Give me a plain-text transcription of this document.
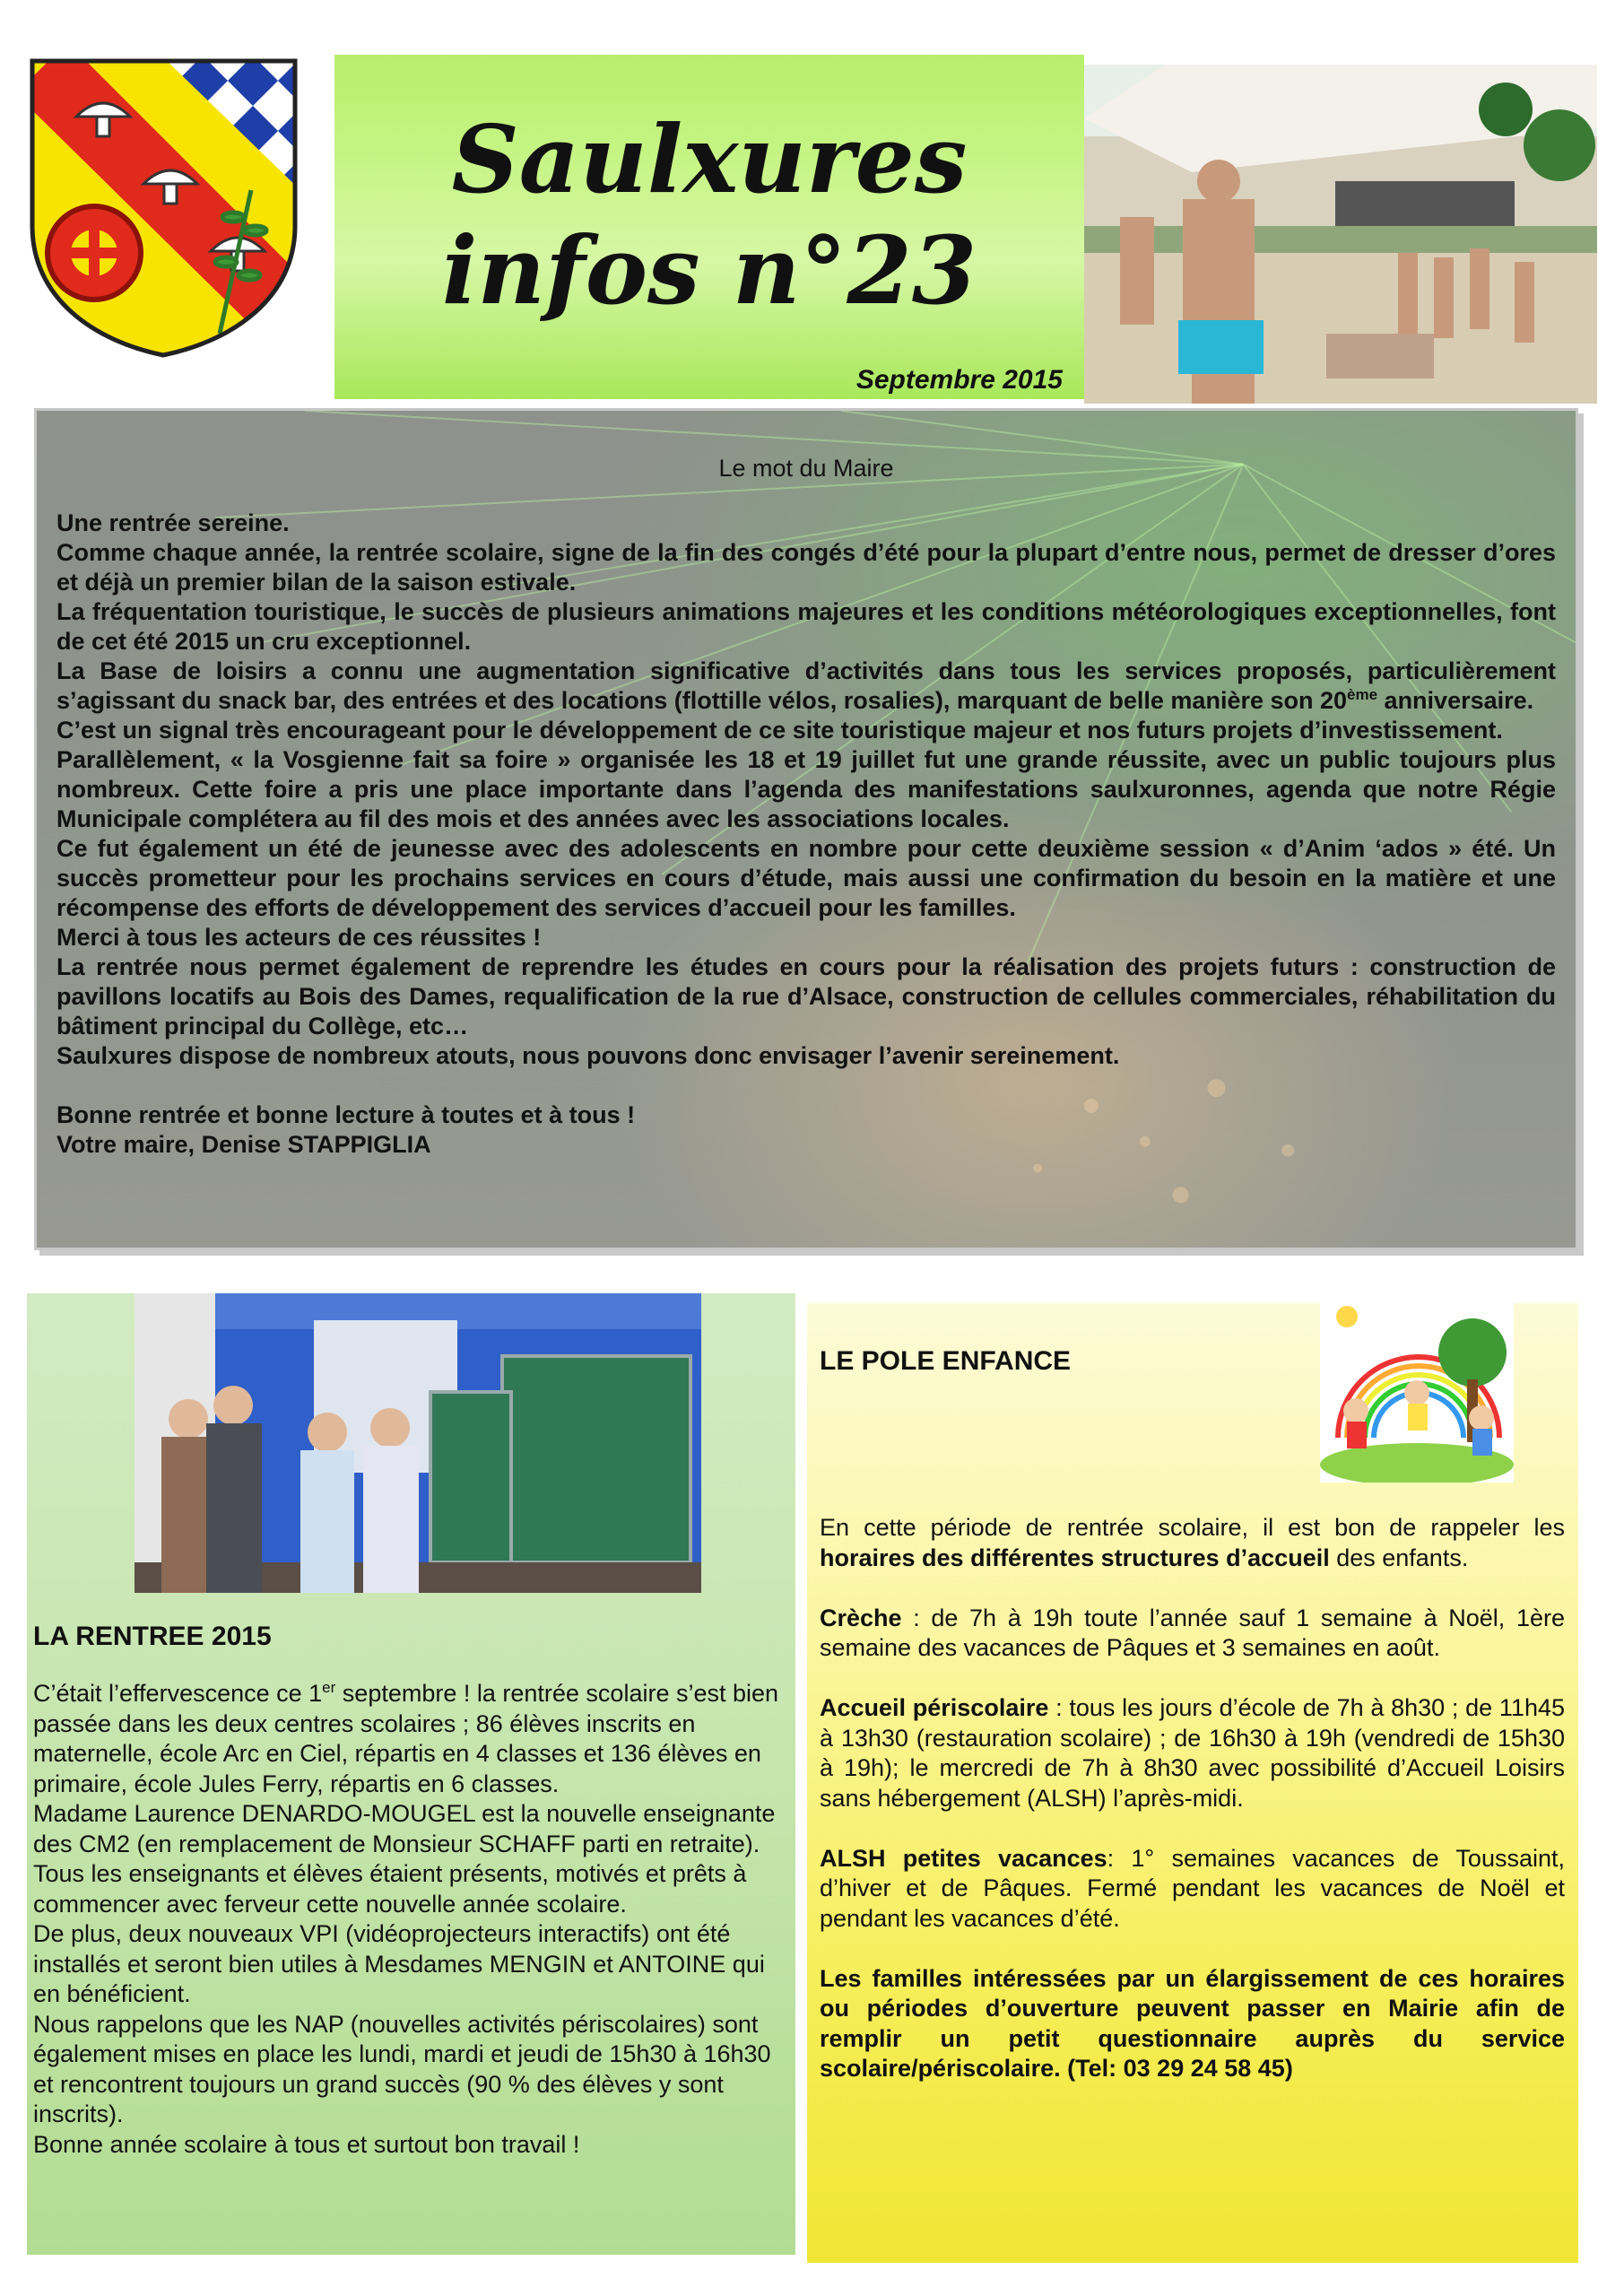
Saulxures
infos n°23
Septembre 2015
Le mot du Maire
Une rentrée sereine.
Comme chaque année, la rentrée scolaire, signe de la fin des congés d’été pour la plupart d’entre nous, permet de dresser d’ores et déjà un premier bilan de la saison estivale.
La fréquentation touristique, le succès de plusieurs animations majeures et les conditions météorologiques exceptionnelles, font de cet été 2015 un cru exceptionnel.
La Base de loisirs a connu une augmentation significative d’activités dans tous les services proposés, particulièrement s’agissant du snack bar, des entrées et des locations (flottille vélos, rosalies), marquant de belle manière son 20ème anniversaire.
C’est un signal très encourageant pour le développement de ce site touristique majeur et nos futurs projets d’investissement.
Parallèlement, « la Vosgienne fait sa foire » organisée les 18 et 19 juillet fut une grande réussite, avec un public toujours plus nombreux. Cette foire a pris une place importante dans l’agenda des manifestations saulxuronnes, agenda que notre Régie Municipale complétera au fil des mois et des années avec les associations locales.
Ce fut également un été de jeunesse avec des adolescents en nombre pour cette deuxième session « d’Anim ‘ados » été. Un succès prometteur pour les prochains services en cours d’étude, mais aussi une confirmation du besoin en la matière et une récompense des efforts de développement des services d’accueil pour les familles.
Merci à tous les acteurs de ces réussites !
La rentrée nous permet également de reprendre les études en cours pour la réalisation des projets futurs : construction de pavillons locatifs au Bois des Dames, requalification de la rue d’Alsace, construction de cellules commerciales, réhabilitation du bâtiment principal du Collège, etc…
Saulxures dispose de nombreux atouts, nous pouvons donc envisager l’avenir sereinement.
Bonne rentrée et bonne lecture à toutes et à tous !
Votre maire, Denise STAPPIGLIA
LA RENTREE 2015
C’était l’effervescence ce 1er septembre ! la rentrée scolaire s’est bien passée dans les deux centres scolaires ; 86 élèves inscrits en maternelle, école Arc en Ciel, répartis en 4 classes et 136 élèves en primaire, école Jules Ferry, répartis en 6 classes.
Madame Laurence DENARDO-MOUGEL est la nouvelle enseignante des CM2 (en remplacement de Monsieur SCHAFF parti en retraite).
Tous les enseignants et élèves étaient présents, motivés et prêts à commencer avec ferveur cette nouvelle année scolaire.
De plus, deux nouveaux VPI (vidéoprojecteurs interactifs) ont été installés et seront bien utiles à Mesdames MENGIN et ANTOINE qui en bénéficient.
Nous rappelons que les NAP (nouvelles activités périscolaires) sont également mises en place les lundi, mardi et jeudi de 15h30 à 16h30 et rencontrent toujours un grand succès (90 % des élèves y sont inscrits).
Bonne année scolaire à tous et surtout bon travail !
LE POLE ENFANCE
En cette période de rentrée scolaire, il est bon de rappeler les horaires des différentes structures d’accueil des enfants.
Crèche : de 7h à 19h toute l’année sauf 1 semaine à Noël, 1ère semaine des vacances de Pâques et 3 semaines en août.
Accueil périscolaire : tous les jours d’école de 7h à 8h30 ; de 11h45 à 13h30 (restauration scolaire) ; de 16h30 à 19h (vendredi de 15h30 à 19h); le mercredi de 7h à 8h30 avec possibilité d’Accueil Loisirs sans hébergement (ALSH) l’après-midi.
ALSH petites vacances: 1° semaines vacances de Toussaint, d’hiver et de Pâques. Fermé pendant les vacances de Noël et pendant les vacances d’été.
Les familles intéressées par un élargissement de ces horaires ou périodes d’ouverture peuvent passer en Mairie afin de remplir un petit questionnaire auprès du service scolaire/périscolaire. (Tel: 03 29 24 58 45)
